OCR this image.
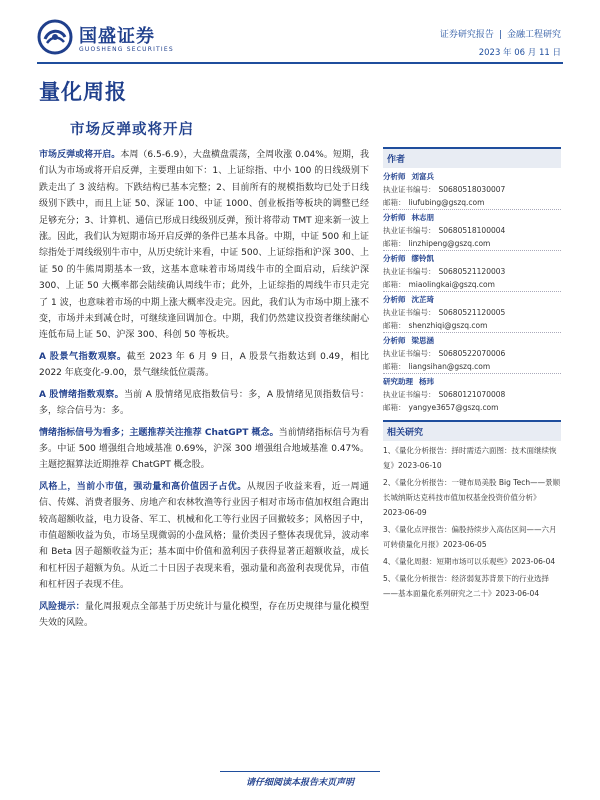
国盛证券
GUOSHENG SECURITIES
证券研究报告 | 金融工程研究
2023 年 06 月 11 日
量化周报
市场反弹或将开启

市场反弹或将开启。本周（6.5-6.9），大盘横盘震荡，全周收涨 0.04%。短期，我们认为市场或将开启反弹，主要理由如下：1、上证综指、中小 100 的日线级别下跌走出了 3 波结构。下跌结构已基本完整；2、目前所有的规模指数均已处于日线级别下跌中，而且上证 50、深证 100、中证 1000、创业板指等板块的调整已经足够充分；3、计算机、通信已形成日线级别反弹，预计将带动 TMT 迎来新一波上涨。因此，我们认为短期市场开启反弹的条件已基本具备。中期，中证 500 和上证综指处于周线级别牛市中，从历史统计来看，中证 500、上证综指和沪深 300、上证 50 的牛熊周期基本一致，这基本意味着市场周线牛市的全面启动，后续沪深 300、上证 50 大概率都会陆续确认周线牛市；此外，上证综指的周线牛市只走完了 1 波，也意味着市场的中期上涨大概率没走完。因此，我们认为市场中期上涨不变，市场并未到减仓时，可继续逢回调加仓。中期，我们仍然建议投资者继续耐心连低布局上证 50、沪深 300、科创 50 等板块。

A 股景气指数观察。截至 2023 年 6 月 9 日，A 股景气指数达到 0.49，相比 2022 年底变化-9.00，景气继续低位震荡。

A 股情绪指数观察。当前 A 股情绪见底指数信号：多，A 股情绪见顶指数信号：多，综合信号为：多。

情绪指标信号为看多；主题推荐关注推荐 ChatGPT 概念。当前情绪指标信号为看多。中证 500 增强组合地域基准 0.69%，沪深 300 增强组合地域基准 0.47%。主题挖掘算法近期推荐 ChatGPT 概念股。

风格上，当前小市值，强动量和高价值因子占优。从规因子收益来看，近一周通信、传媒、消费者服务、房地产和农林牧渔等行业因子相对市场市值加权组合跑出较高超额收益，电力设备、军工、机械和化工等行业因子回撤较多；风格因子中，市值超额收益为负，市场呈现微弱的小盘风格；量价类因子整体表现优异，波动率和 Beta 因子超额收益为正；基本面中价值和盈利因子获得显著正超额收益，成长和杠杆因子超额为负。从近二十日因子表现来看，强动量和高盈利表现优异，市值和杠杆因子表现不佳。

风险提示：量化周报观点全部基于历史统计与量化模型，存在历史规律与量化模型失效的风险。

作者
分析师 刘富兵
执业证书编号： S0680518030007
邮箱： liufubing@gszq.com
分析师 林志朋
执业证书编号： S0680518100004
邮箱： linzhipeng@gszq.com
分析师 缪铃凯
执业证书编号： S0680521120003
邮箱： miaolingkai@gszq.com
分析师 沈芷琦
执业证书编号： S0680521120005
邮箱： shenzhiqi@gszq.com
分析师 梁思涵
执业证书编号： S0680522070006
邮箱： liangsihan@gszq.com
研究助理 杨玮
执业证书编号： S0680121070008
邮箱： yangye3657@gszq.com
相关研究
1、《量化分析报告：择时需适六面图：技术面继续恢复》2023-06-10
2、《量化分析报告：一键布局美股 Big Tech——景顺长城纳斯达克科技市值加权基金投资价值分析》2023-06-09
3、《量化点评报告：偏股持续步入高估区间——六月可转债量化月报》2023-06-05
4、《量化周报：短期市场可以乐观些》2023-06-04
5、《量化分析报告：经济弱复苏背景下的行业选择——基本面量化系列研究之二十》2023-06-04
请仔细阅读本报告末页声明
